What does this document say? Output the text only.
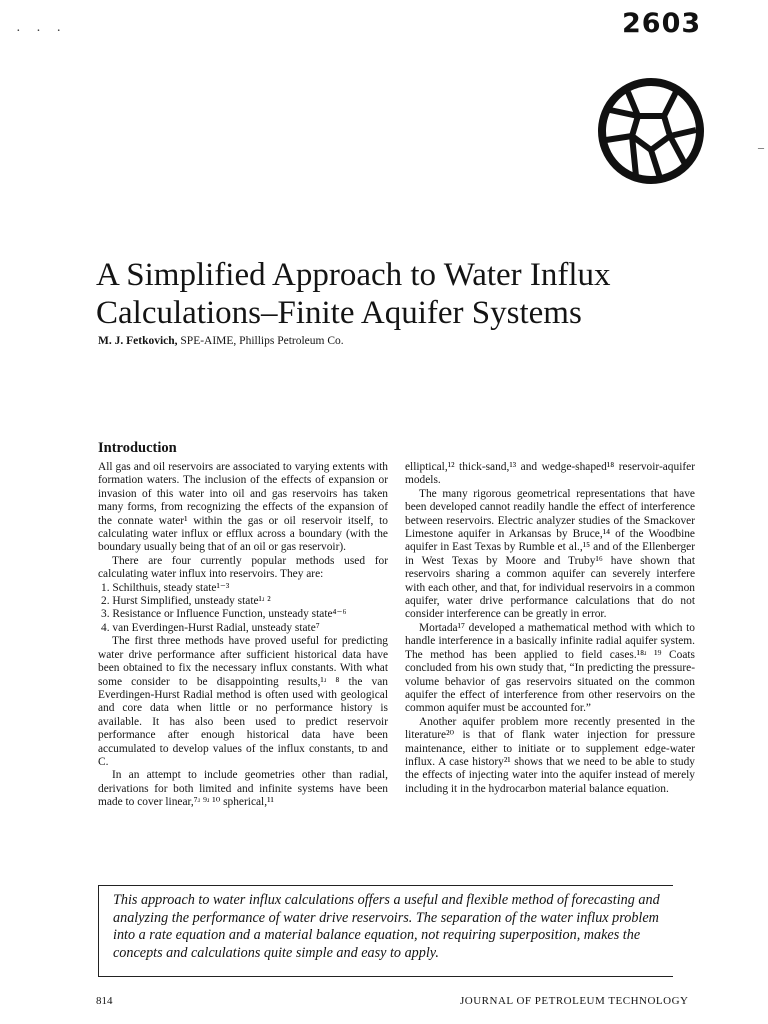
· · ·	2603
–
A Simplified Approach to Water Influx
Calculations–Finite Aquifer Systems
M. J. Fetkovich, SPE-AIME, Phillips Petroleum Co.
Introduction

All gas and oil reservoirs are associated to varying extents with formation waters. The inclusion of the effects of expansion or invasion of this water into oil and gas reservoirs has taken many forms, from recognizing the effects of the expansion of the connate water¹ within the gas or oil reservoir itself, to calculating water influx or efflux across a boundary (with the boundary usually being that of an oil or gas reservoir).

There are four currently popular methods used for calculating water influx into reservoirs. They are:

1. Schilthuis, steady state¹⁻³

2. Hurst Simplified, unsteady state¹ʴ ²

3. Resistance or Influence Function, unsteady state⁴⁻⁶

4. van Everdingen-Hurst Radial, unsteady state⁷

The first three methods have proved useful for predicting water drive performance after sufficient historical data have been obtained to fix the necessary influx constants. With what some consider to be disappointing results,¹ʴ ⁸ the van Everdingen-Hurst Radial method is often used with geological and core data when little or no performance history is available. It has also been used to predict reservoir performance after enough historical data have been accumulated to develop values of the influx constants, tᴅ and C.

In an attempt to include geometries other than radial, derivations for both limited and infinite systems have been made to cover linear,⁷ʴ ⁹ʴ ¹⁰ spherical,¹¹

elliptical,¹² thick-sand,¹³ and wedge-shaped¹⁸ reservoir-aquifer models.

The many rigorous geometrical representations that have been developed cannot readily handle the effect of interference between reservoirs. Electric analyzer studies of the Smackover Limestone aquifer in Arkansas by Bruce,¹⁴ of the Woodbine aquifer in East Texas by Rumble et al.,¹⁵ and of the Ellenberger in West Texas by Moore and Truby¹⁶ have shown that reservoirs sharing a common aquifer can severely interfere with each other, and that, for individual reservoirs in a common aquifer, water drive performance calculations that do not consider interference can be greatly in error.

Mortada¹⁷ developed a mathematical method with which to handle interference in a basically infinite radial aquifer system. The method has been applied to field cases.¹⁸ʴ ¹⁹ Coats concluded from his own study that, “In predicting the pressure-volume behavior of gas reservoirs situated on the common aquifer the effect of interference from other reservoirs on the common aquifer must be accounted for.”

Another aquifer problem more recently presented in the literature²⁰ is that of flank water injection for pressure maintenance, either to initiate or to supplement edge-water influx. A case history²¹ shows that we need to be able to study the effects of injecting water into the aquifer instead of merely including it in the hydrocarbon material balance equation.

This approach to water influx calculations offers a useful and flexible method of forecasting and analyzing the performance of water drive reservoirs. The separation of the water influx problem into a rate equation and a material balance equation, not requiring superposition, makes the concepts and calculations quite simple and easy to apply.
814	JOURNAL OF PETROLEUM TECHNOLOGY
